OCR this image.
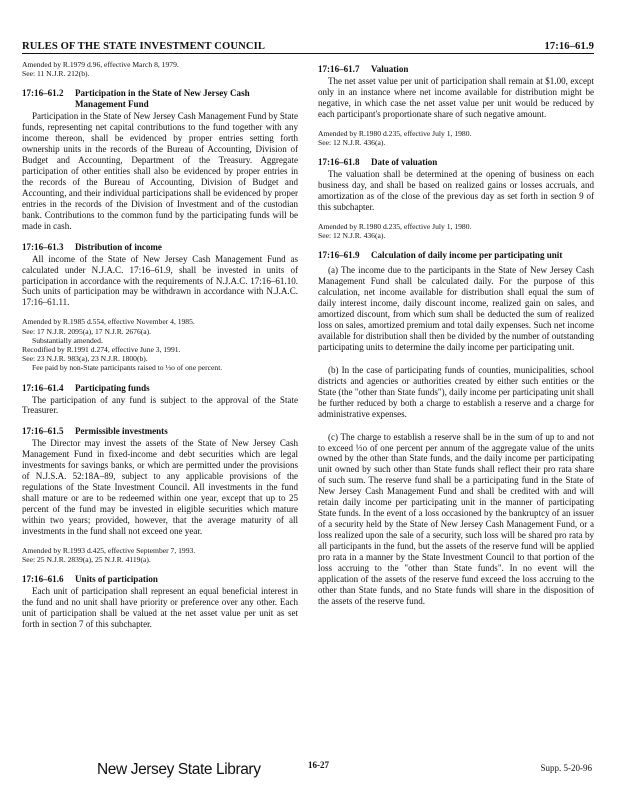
RULES OF THE STATE INVESTMENT COUNCIL	17:16–61.9
Amended by R.1979 d.96, effective March 8, 1979.
See: 11 N.J.R. 212(b).
17:16–61.2 Participation in the State of New Jersey Cash Management Fund

Participation in the State of New Jersey Cash Management Fund by State funds, representing net capital contributions to the fund together with any income thereon, shall be evidenced by proper entries setting forth ownership units in the records of the Bureau of Accounting, Division of Budget and Accounting, Department of the Treasury. Aggregate participation of other entities shall also be evidenced by proper entries in the records of the Bureau of Accounting, Division of Budget and Accounting, and their individual participations shall be evidenced by proper entries in the records of the Division of Investment and of the custodian bank. Contributions to the common fund by the participating funds will be made in cash.

17:16–61.3 Distribution of income

All income of the State of New Jersey Cash Management Fund as calculated under N.J.A.C. 17:16–61.9, shall be invested in units of participation in accordance with the requirements of N.J.A.C. 17:16–61.10. Such units of participation may be withdrawn in accordance with N.J.A.C. 17:16–61.11.

Amended by R.1985 d.554, effective November 4, 1985.
See: 17 N.J.R. 2095(a), 17 N.J.R. 2676(a).
Substantially amended.
Recodified by R.1991 d.274, effective June 3, 1991.
See: 23 N.J.R. 983(a), 23 N.J.R. 1800(b).
Fee paid by non-State participants raised to ⅓o of one percent.
17:16–61.4 Participating funds

The participation of any fund is subject to the approval of the State Treasurer.

17:16–61.5 Permissible investments

The Director may invest the assets of the State of New Jersey Cash Management Fund in fixed-income and debt securities which are legal investments for savings banks, or which are permitted under the provisions of N.J.S.A. 52:18A–89, subject to any applicable provisions of the regulations of the State Investment Council. All investments in the fund shall mature or are to be redeemed within one year, except that up to 25 percent of the fund may be invested in eligible securities which mature within two years; provided, however, that the average maturity of all investments in the fund shall not exceed one year.

Amended by R.1993 d.425, effective September 7, 1993.
See: 25 N.J.R. 2839(a), 25 N.J.R. 4119(a).
17:16–61.6 Units of participation

Each unit of participation shall represent an equal beneficial interest in the fund and no unit shall have priority or preference over any other. Each unit of participation shall be valued at the net asset value per unit as set forth in section 7 of this subchapter.

17:16–61.7 Valuation

The net asset value per unit of participation shall remain at $1.00, except only in an instance where net income available for distribution might be negative, in which case the net asset value per unit would be reduced by each participant's proportionate share of such negative amount.

Amended by R.1980 d.235, effective July 1, 1980.
See: 12 N.J.R. 436(a).
17:16–61.8 Date of valuation

The valuation shall be determined at the opening of business on each business day, and shall be based on realized gains or losses accruals, and amortization as of the close of the previous day as set forth in section 9 of this subchapter.

Amended by R.1980 d.235, effective July 1, 1980.
See: 12 N.J.R. 436(a).
17:16–61.9 Calculation of daily income per participating unit

(a) The income due to the participants in the State of New Jersey Cash Management Fund shall be calculated daily. For the purpose of this calculation, net income available for distribution shall equal the sum of daily interest income, daily discount income, realized gain on sales, and amortized discount, from which sum shall be deducted the sum of realized loss on sales, amortized premium and total daily expenses. Such net income available for distribution shall then be divided by the number of outstanding participating units to determine the daily income per participating unit.

(b) In the case of participating funds of counties, municipalities, school districts and agencies or authorities created by either such entities or the State (the "other than State funds"), daily income per participating unit shall be further reduced by both a charge to establish a reserve and a charge for administrative expenses.

(c) The charge to establish a reserve shall be in the sum of up to and not to exceed ⅓o of one percent per annum of the aggregate value of the units owned by the other than State funds, and the daily income per participating unit owned by such other than State funds shall reflect their pro rata share of such sum. The reserve fund shall be a participating fund in the State of New Jersey Cash Management Fund and shall be credited with and will retain daily income per participating unit in the manner of participating State funds. In the event of a loss occasioned by the bankruptcy of an issuer of a security held by the State of New Jersey Cash Management Fund, or a loss realized upon the sale of a security, such loss will be shared pro rata by all participants in the fund, but the assets of the reserve fund will be applied pro rata in a manner by the State Investment Council to that portion of the loss accruing to the "other than State funds". In no event will the application of the assets of the reserve fund exceed the loss accruing to the other than State funds, and no State funds will share in the disposition of the assets of the reserve fund.

New Jersey State Library	16-27	Supp. 5-20-96
